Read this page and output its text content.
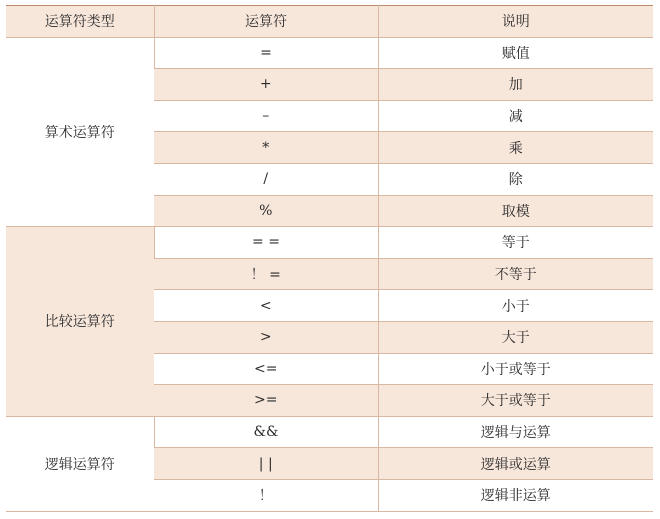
运算符类型	运算符	说明
算术运算符	=	赋值
	+	加
	–	减
	*	乘
	/	除
	%	取模
比较运算符	= =	等于
	！ =	不等于
	<	小于
	>	大于
	<=	小于或等于
	>=	大于或等于
逻辑运算符	&&	逻辑与运算
	| |	逻辑或运算
	！	逻辑非运算
